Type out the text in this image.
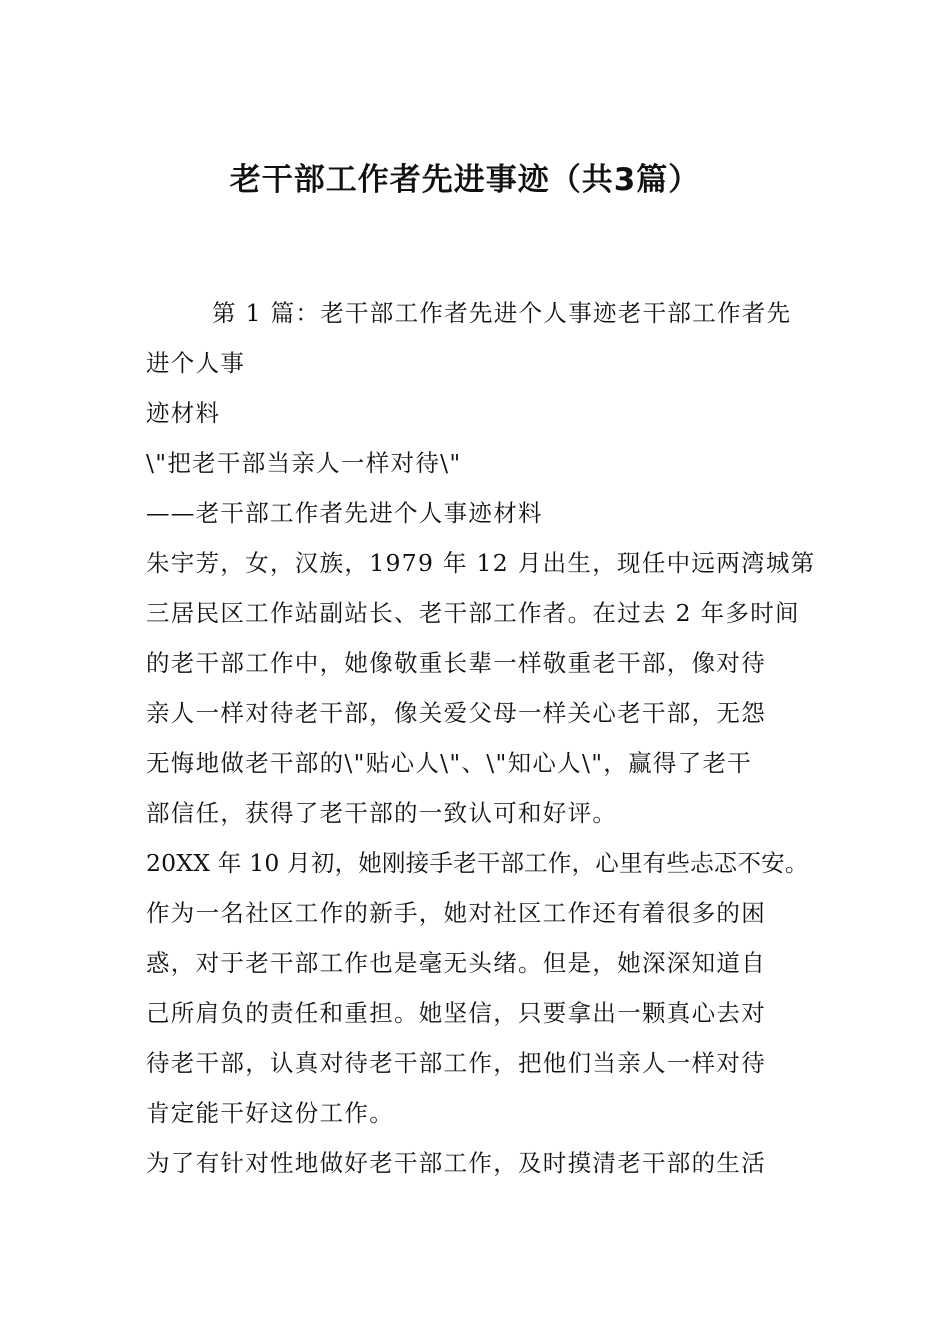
老干部工作者先进事迹（共3篇）
第 1 篇：老干部工作者先进个人事迹老干部工作者先
进个人事
迹材料
\"把老干部当亲人一样对待\"
——老干部工作者先进个人事迹材料
朱宇芳，女，汉族，1979 年 12 月出生，现任中远两湾城第
三居民区工作站副站长、老干部工作者。在过去 2 年多时间
的老干部工作中，她像敬重长辈一样敬重老干部，像对待
亲人一样对待老干部，像关爱父母一样关心老干部，无怨
无悔地做老干部的\"贴心人\"、\"知心人\"，赢得了老干
部信任，获得了老干部的一致认可和好评。
20XX 年 10 月初，她刚接手老干部工作，心里有些忐忑不安。
作为一名社区工作的新手，她对社区工作还有着很多的困
惑，对于老干部工作也是毫无头绪。但是，她深深知道自
己所肩负的责任和重担。她坚信，只要拿出一颗真心去对
待老干部，认真对待老干部工作，把他们当亲人一样对待
肯定能干好这份工作。
为了有针对性地做好老干部工作，及时摸清老干部的生活
